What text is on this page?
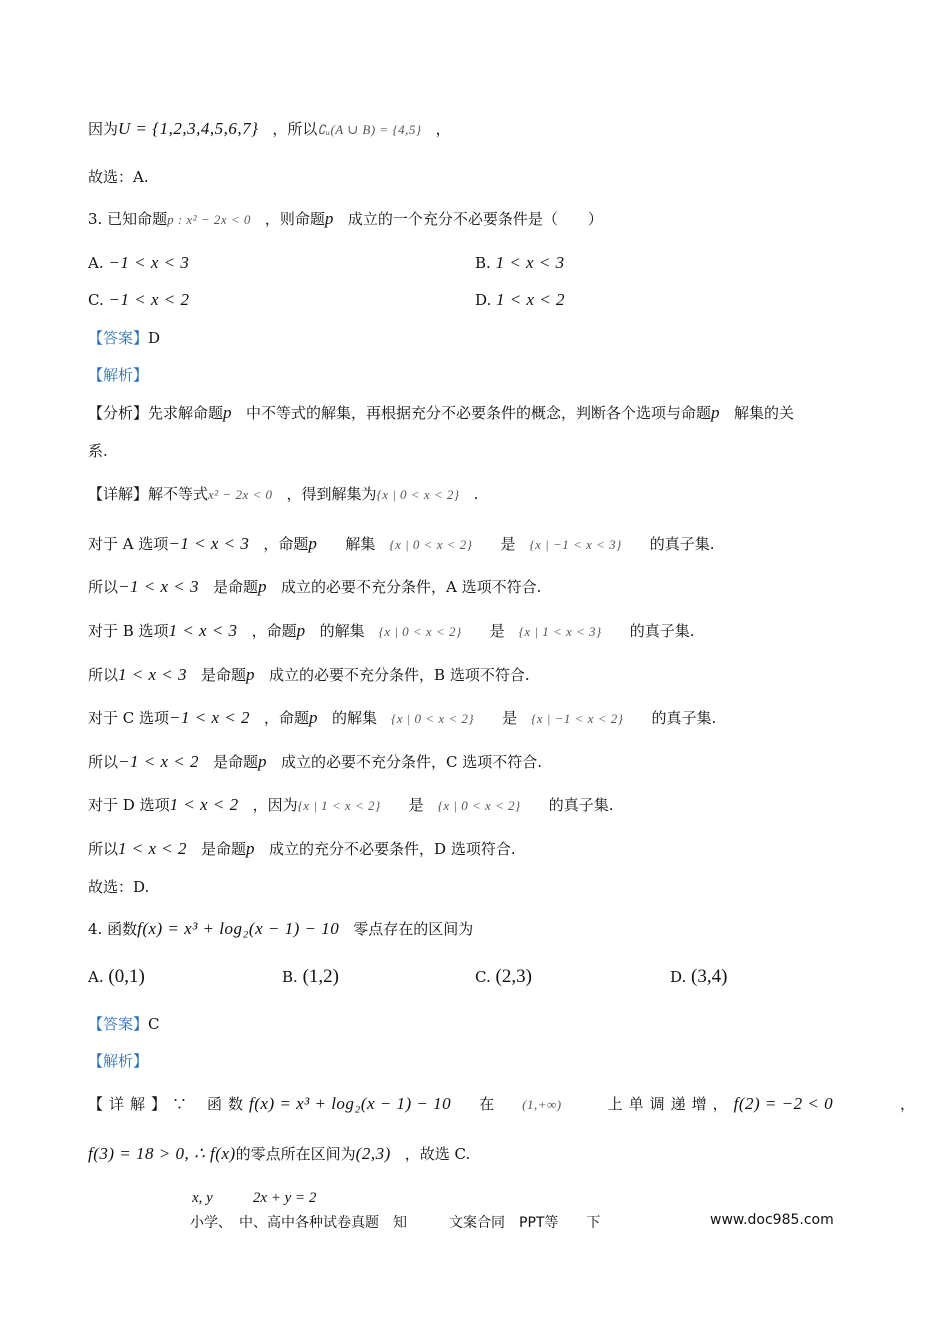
因为U = {1,2,3,4,5,6,7} ，所以∁ᵤ(A ∪ B) = {4,5} ，
故选：A.
3. 已知命题p : x² − 2x < 0 ，则命题p 成立的一个充分不必要条件是（　　）
A. −1 < x < 3	B. 1 < x < 3
C. −1 < x < 2	D. 1 < x < 2
【答案】D
【解析】
【分析】先求解命题p 中不等式的解集，再根据充分不必要条件的概念，判断各个选项与命题p 解集的关
系.
【详解】解不等式x² − 2x < 0 ，得到解集为{x | 0 < x < 2} .
对于 A 选项−1 < x < 3 ，命题p 解集 {x | 0 < x < 2} 是 {x | −1 < x < 3} 的真子集.
所以−1 < x < 3 是命题p 成立的必要不充分条件，A 选项不符合.
对于 B 选项1 < x < 3 ，命题p 的解集 {x | 0 < x < 2} 是 {x | 1 < x < 3} 的真子集.
所以1 < x < 3 是命题p 成立的必要不充分条件，B 选项不符合.
对于 C 选项−1 < x < 2 ，命题p 的解集 {x | 0 < x < 2} 是 {x | −1 < x < 2} 的真子集.
所以−1 < x < 2 是命题p 成立的必要不充分条件，C 选项不符合.
对于 D 选项1 < x < 2 ，因为{x | 1 < x < 2} 是 {x | 0 < x < 2} 的真子集.
所以1 < x < 2 是命题p 成立的充分不必要条件，D 选项符合.
故选：D.
4. 函数f(x) = x³ + log₂(x − 1) − 10 零点存在的区间为
A. (0,1)	B. (1,2)	C. (2,3)	D. (3,4)
【答案】C
【解析】
【详解】∵ 函数f(x) = x³ + log₂(x − 1) − 10 在 (1,+∞)	上单调递增，f(2) = −2 < 0	，
f(3) = 18 > 0, ∴ f(x)的零点所在区间为(2,3) ，故选 C.
x, y	2x + y = 2
小学、　中、高中各种试卷真题　知　　　文案合同　PPT等　　下	www.doc985.com
